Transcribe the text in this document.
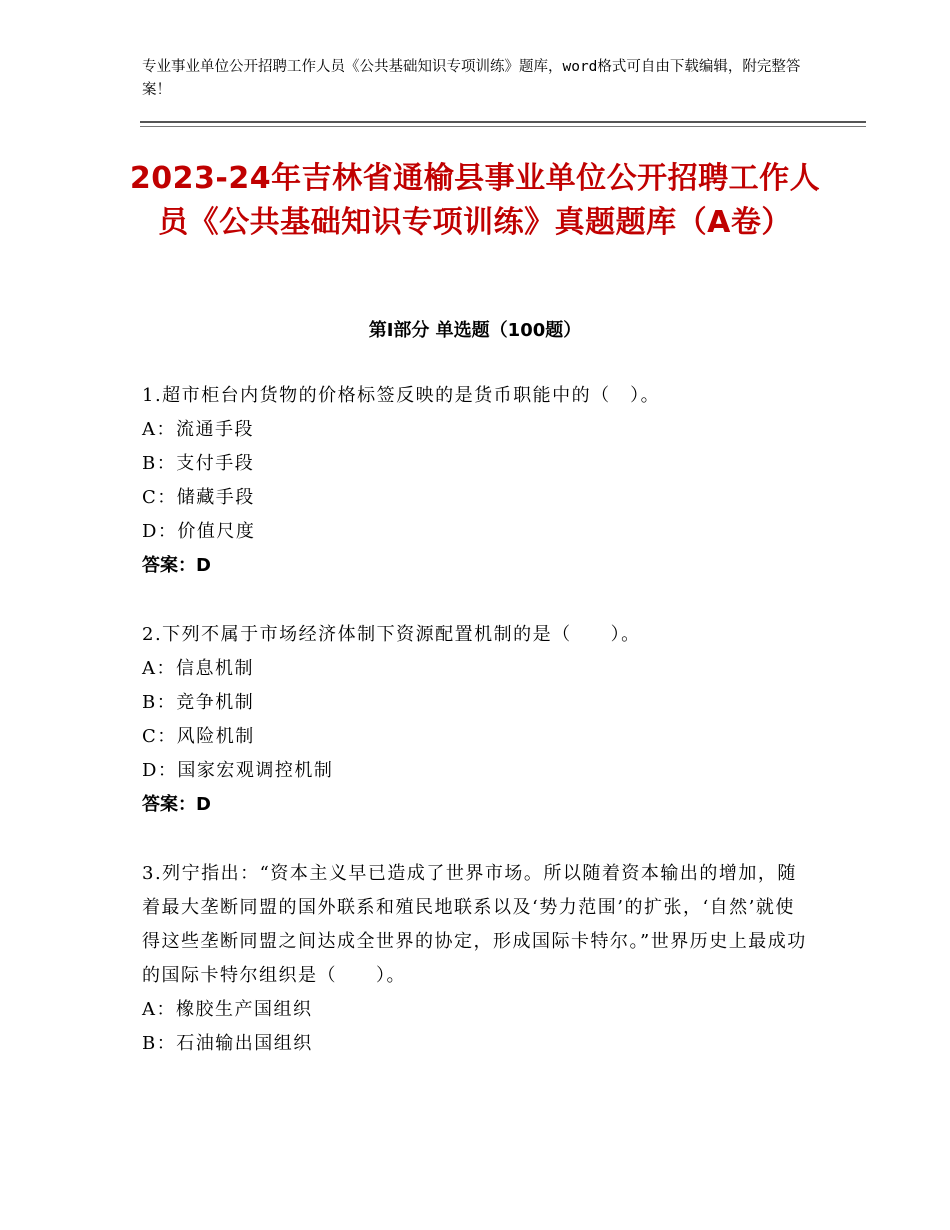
专业事业单位公开招聘工作人员《公共基础知识专项训练》题库，word格式可自由下载编辑，附完整答案！
2023-24年吉林省通榆县事业单位公开招聘工作人员《公共基础知识专项训练》真题题库（A卷）
第Ⅰ部分 单选题（100题）
1.超市柜台内货物的价格标签反映的是货币职能中的（　）。
A：流通手段
B：支付手段
C：储藏手段
D：价值尺度
答案：D
2.下列不属于市场经济体制下资源配置机制的是（　　）。
A：信息机制
B：竞争机制
C：风险机制
D：国家宏观调控机制
答案：D
3.列宁指出：“资本主义早已造成了世界市场。所以随着资本输出的增加，随着最大垄断同盟的国外联系和殖民地联系以及‘势力范围’的扩张，‘自然’就使得这些垄断同盟之间达成全世界的协定，形成国际卡特尔。”世界历史上最成功的国际卡特尔组织是（　　）。
A：橡胶生产国组织
B：石油输出国组织
